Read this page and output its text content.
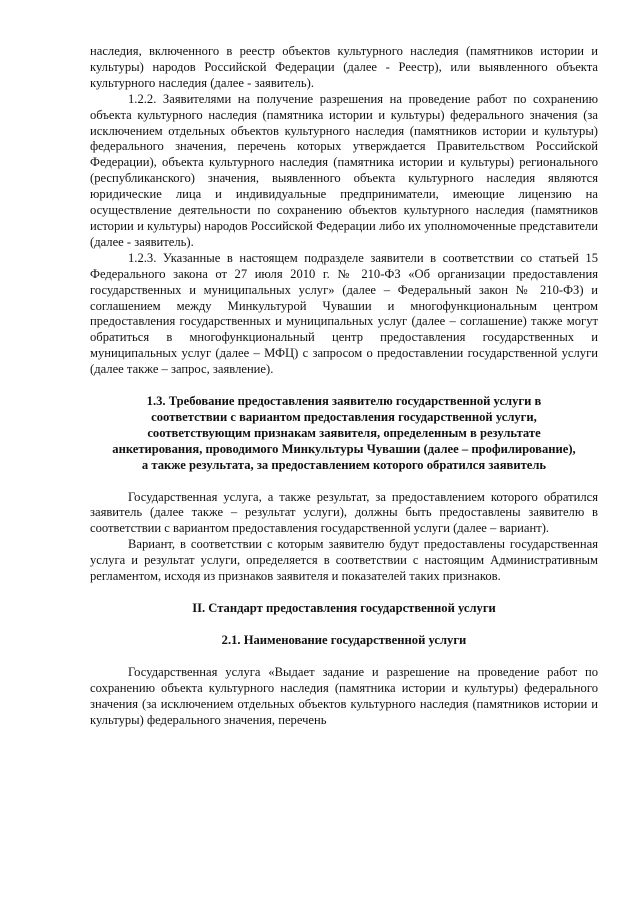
наследия, включенного в реестр объектов культурного наследия (памятников истории и культуры) народов Российской Федерации (далее - Реестр), или выявленного объекта культурного наследия (далее - заявитель).

1.2.2. Заявителями на получение разрешения на проведение работ по сохранению объекта культурного наследия (памятника истории и культуры) федерального значения (за исключением отдельных объектов культурного наследия (памятников истории и культуры) федерального значения, перечень которых утверждается Правительством Российской Федерации), объекта культурного наследия (памятника истории и культуры) регионального (республиканского) значения, выявленного объекта культурного наследия являются юридические лица и индивидуальные предприниматели, имеющие лицензию на осуществление деятельности по сохранению объектов культурного наследия (памятников истории и культуры) народов Российской Федерации либо их уполномоченные представители (далее - заявитель).

1.2.3. Указанные в настоящем подразделе заявители в соответствии со статьей 15 Федерального закона от 27 июля 2010 г. № 210-ФЗ «Об организации предоставления государственных и муниципальных услуг» (далее – Федеральный закон № 210-ФЗ) и соглашением между Минкультурой Чувашии и многофункциональным центром предоставления государственных и муниципальных услуг (далее – соглашение) также могут обратиться в многофункциональный центр предоставления государственных и муниципальных услуг (далее – МФЦ) с запросом о предоставлении государственной услуги (далее также – запрос, заявление).

1.3. Требование предоставления заявителю государственной услуги в соответствии с вариантом предоставления государственной услуги, соответствующим признакам заявителя, определенным в результате анкетирования, проводимого Минкультуры Чувашии (далее – профилирование), а также результата, за предоставлением которого обратился заявитель

Государственная услуга, а также результат, за предоставлением которого обратился заявитель (далее также – результат услуги), должны быть предоставлены заявителю в соответствии с вариантом предоставления государственной услуги (далее – вариант).

Вариант, в соответствии с которым заявителю будут предоставлены государственная услуга и результат услуги, определяется в соответствии с настоящим Административным регламентом, исходя из признаков заявителя и показателей таких признаков.

II. Стандарт предоставления государственной услуги

2.1. Наименование государственной услуги

Государственная услуга «Выдает задание и разрешение на проведение работ по сохранению объекта культурного наследия (памятника истории и культуры) федерального значения (за исключением отдельных объектов культурного наследия (памятников истории и культуры) федерального значения, перечень
